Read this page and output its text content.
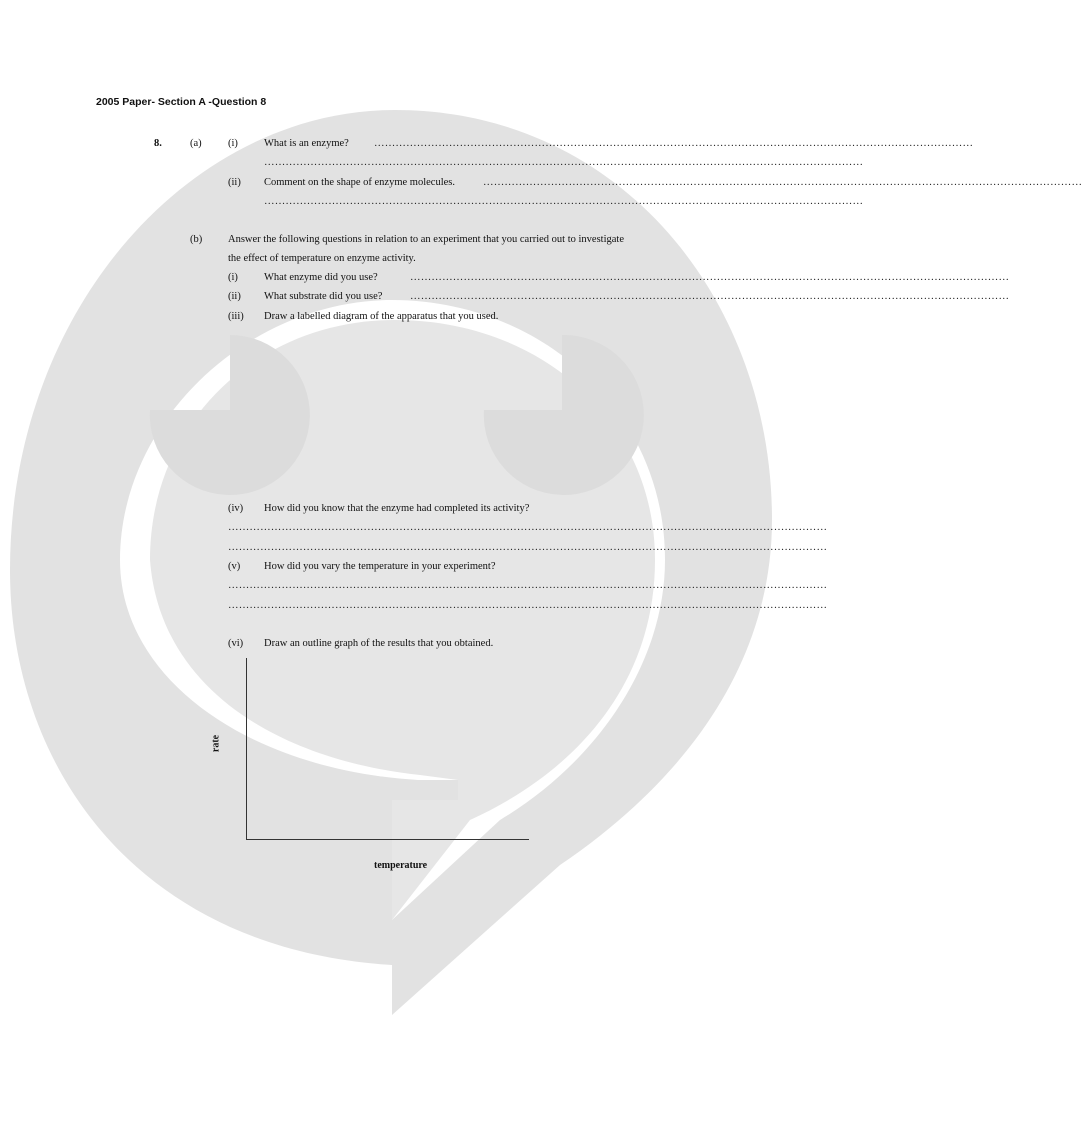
2005 Paper- Section A -Question 8
8.	(a)	(i) What is an enzyme? ……………………………………………………………………………………………………………………………………………………
……………………………………………………………………………………………………………………………………………………
(ii) Comment on the shape of enzyme molecules.	……………………………………………………………………………………………………………………………………………………
……………………………………………………………………………………………………………………………………………………
(b) Answer the following questions in relation to an experiment that you carried out to investigate
the effect of temperature on enzyme activity.
(i) What enzyme did you use?	……………………………………………………………………………………………………………………………………………………
(ii) What substrate did you use?	……………………………………………………………………………………………………………………………………………………
(iii) Draw a labelled diagram of the apparatus that you used.
(iv) How did you know that the enzyme had completed its activity?
……………………………………………………………………………………………………………………………………………………
……………………………………………………………………………………………………………………………………………………
(v) How did you vary the temperature in your experiment?
……………………………………………………………………………………………………………………………………………………
……………………………………………………………………………………………………………………………………………………
(vi) Draw an outline graph of the results that you obtained.
rate
temperature
